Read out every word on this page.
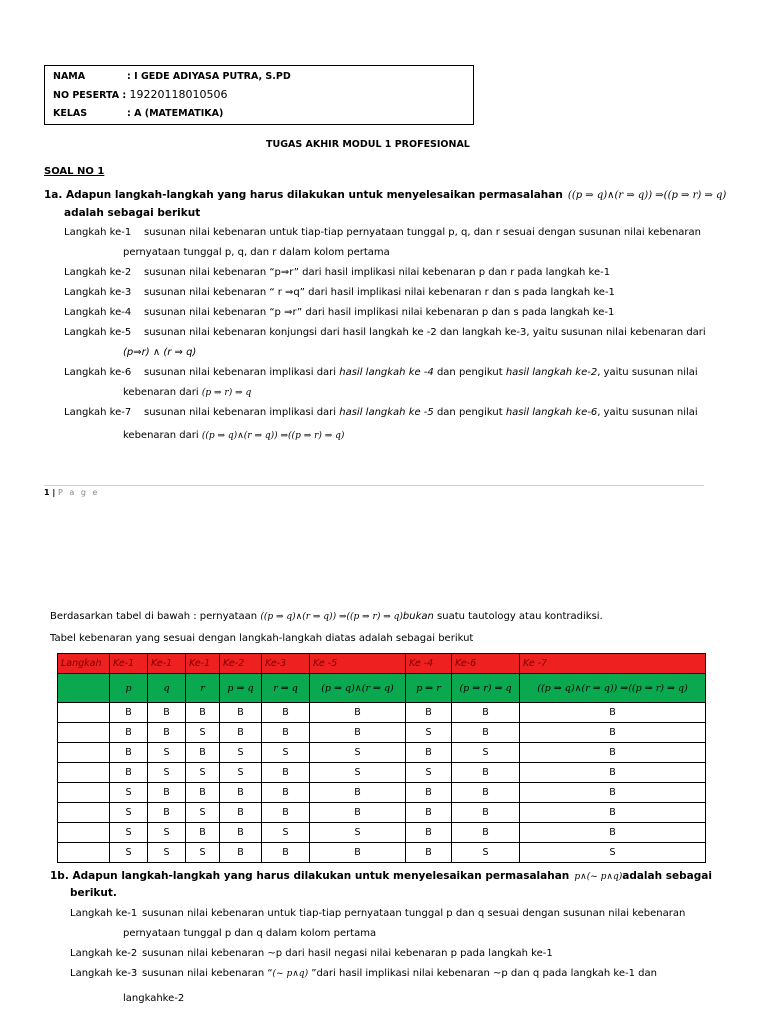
NAMA	: I GEDE ADIYASA PUTRA, S.PD
NO PESERTA : 19220118010506
KELAS	: A (MATEMATIKA)
TUGAS AKHIR MODUL 1 PROFESIONAL
SOAL NO 1
1a. Adapun langkah-langkah yang harus dilakukan untuk menyelesaikan permasalahan ((p ⇒ q)∧(r ⇒ q)) ⇒((p ⇒ r) ⇒ q)
adalah sebagai berikut
Langkah ke-1 susunan nilai kebenaran untuk tiap-tiap pernyataan tunggal p, q, dan r sesuai dengan susunan nilai kebenaran
pernyataan tunggal p, q, dan r dalam kolom pertama
Langkah ke-2 susunan nilai kebenaran “p⇒r” dari hasil implikasi nilai kebenaran p dan r pada langkah ke-1
Langkah ke-3 susunan nilai kebenaran “ r ⇒q” dari hasil implikasi nilai kebenaran r dan s pada langkah ke-1
Langkah ke-4 susunan nilai kebenaran “p ⇒r” dari hasil implikasi nilai kebenaran p dan s pada langkah ke-1
Langkah ke-5 susunan nilai kebenaran konjungsi dari hasil langkah ke -2 dan langkah ke-3, yaitu susunan nilai kebenaran dari
(p⇒r) ∧ (r ⇒ q)
Langkah ke-6 susunan nilai kebenaran implikasi dari hasil langkah ke -4 dan pengikut hasil langkah ke-2, yaitu susunan nilai
kebenaran dari (p ⇒ r) ⇒ q
Langkah ke-7 susunan nilai kebenaran implikasi dari hasil langkah ke -5 dan pengikut hasil langkah ke-6, yaitu susunan nilai
kebenaran dari ((p ⇒ q)∧(r ⇒ q)) ⇒((p ⇒ r) ⇒ q)
1 | P a g e
Berdasarkan tabel di bawah : pernyataan ((p ⇒ q)∧(r ⇒ q)) ⇒((p ⇒ r) ⇒ q)bukan suatu tautology atau kontradiksi.
Tabel kebenaran yang sesuai dengan langkah-langkah diatas adalah sebagai berikut
Langkah	Ke-1	Ke-1	Ke-1	Ke-2	Ke-3	Ke -5	Ke -4	Ke-6	Ke -7
	p	q	r	p ⇒ q	r ⇒ q	(p ⇒ q)∧(r ⇒ q)	p ⇒ r	(p ⇒ r) ⇒ q	((p ⇒ q)∧(r ⇒ q)) ⇒((p ⇒ r) ⇒ q)
	B	B	B	B	B	B	B	B	B
	B	B	S	B	B	B	S	B	B
	B	S	B	S	S	S	B	S	B
	B	S	S	S	B	S	S	B	B
	S	B	B	B	B	B	B	B	B
	S	B	S	B	B	B	B	B	B
	S	S	B	B	S	S	B	B	B
	S	S	S	B	B	B	B	S	S
1b. Adapun langkah-langkah yang harus dilakukan untuk menyelesaikan permasalahan p∧(~ p∧q)adalah sebagai
berikut.
Langkah ke-1 susunan nilai kebenaran untuk tiap-tiap pernyataan tunggal p dan q sesuai dengan susunan nilai kebenaran
pernyataan tunggal p dan q dalam kolom pertama
Langkah ke-2 susunan nilai kebenaran ~p dari hasil negasi nilai kebenaran p pada langkah ke-1
Langkah ke-3 susunan nilai kebenaran “(~ p∧q) ”dari hasil implikasi nilai kebenaran ~p dan q pada langkah ke-1 dan
langkahke-2
